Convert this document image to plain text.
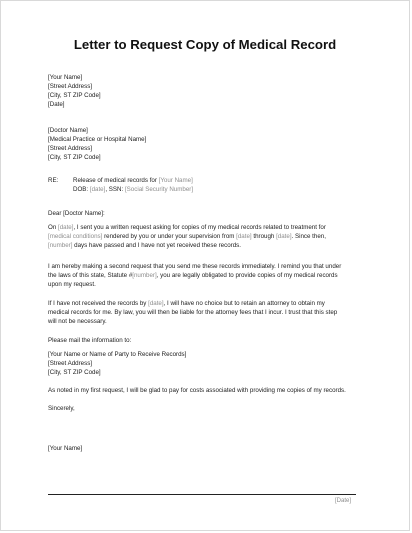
Letter to Request Copy of Medical Record
[Your Name]
[Street Address]
[City, ST ZIP Code]
[Date]
[Doctor Name]
[Medical Practice or Hospital Name]
[Street Address]
[City, ST ZIP Code]
RE: Release of medical records for [Your Name]
DOB: [date], SSN: [Social Security Number]
Dear [Doctor Name]:
On [date], I sent you a written request asking for copies of my medical records related to treatment for
[medical conditions] rendered by you or under your supervision from [date] through [date]. Since then,
[number] days have passed and I have not yet received these records.
I am hereby making a second request that you send me these records immediately. I remind you that under
the laws of this state, Statute #[number], you are legally obligated to provide copies of my medical records
upon my request.
If I have not received the records by [date], I will have no choice but to retain an attorney to obtain my
medical records for me. By law, you will then be liable for the attorney fees that I incur. I trust that this step
will not be necessary.
Please mail the information to:
[Your Name or Name of Party to Receive Records]
[Street Address]
[City, ST ZIP Code]
As noted in my first request, I will be glad to pay for costs associated with providing me copies of my records.
Sincerely,
[Your Name]
[Date]
